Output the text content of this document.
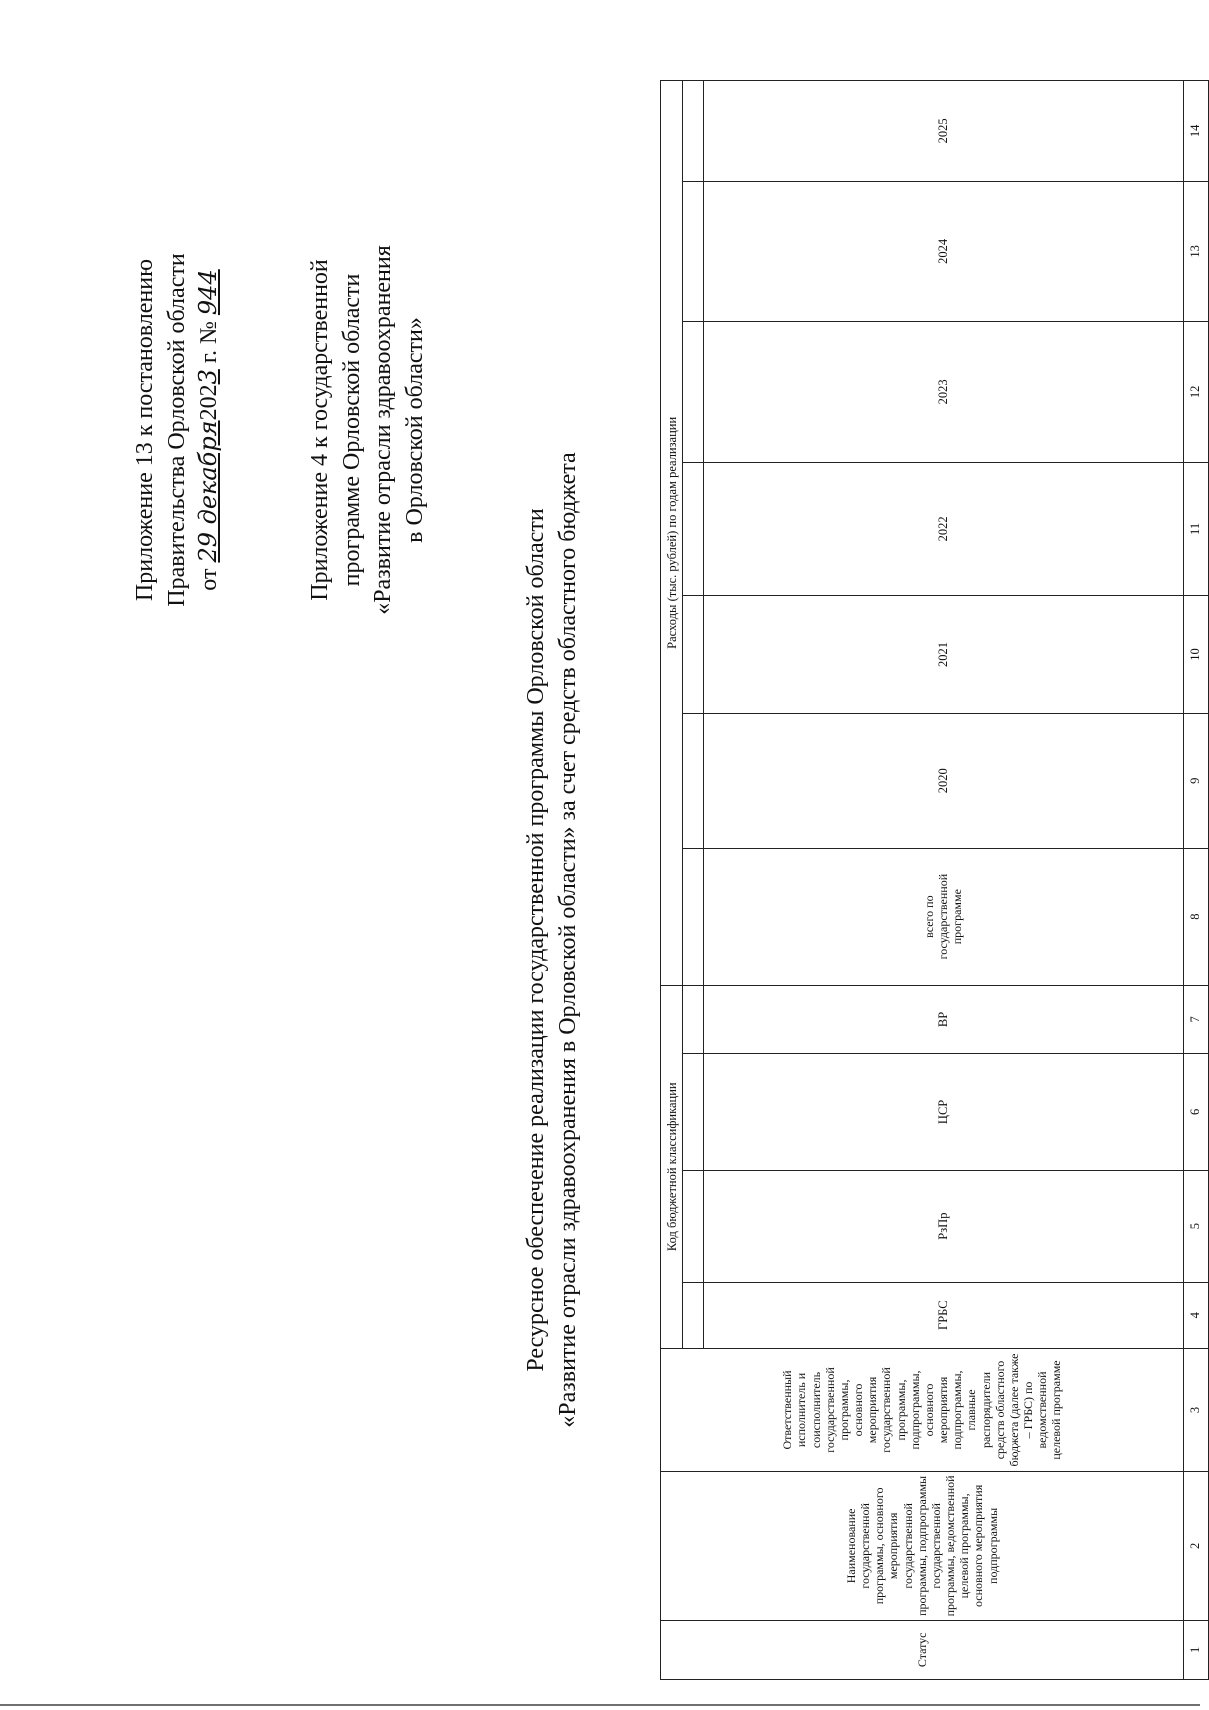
Приложение 13 к постановлению Правительства Орловской области от 29 декабря2023 г. № 944	Приложение 4 к государственной программе Орловской области «Развитие отрасли здравоохранения в Орловской области»
Ресурсное обеспечение реализации государственной программы Орловской области «Развитие отрасли здравоохранения в Орловской области» за счет средств областного бюджета
Статус	Наименование государственной программы, основного мероприятия государственной программы, подпрограммы государственной программы, ведомственной целевой программы, основного мероприятия подпрограммы	Ответственный исполнитель и соисполнитель государственной программы, основного мероприятия государственной программы, подпрограммы, основного мероприятия подпрограммы, главные распорядители средств областного бюджета (далее также – ГРБС) по ведомственной целевой программе	Код бюджетной классификации				Расходы (тыс. рублей) по годам реализации						

			ГРБС	РзПр	ЦСР	ВР	всего по государственной программе	2020	2021	2022	2023	2024	2025
1	2	3	4	5	6	7	8	9	10	11	12	13	14
